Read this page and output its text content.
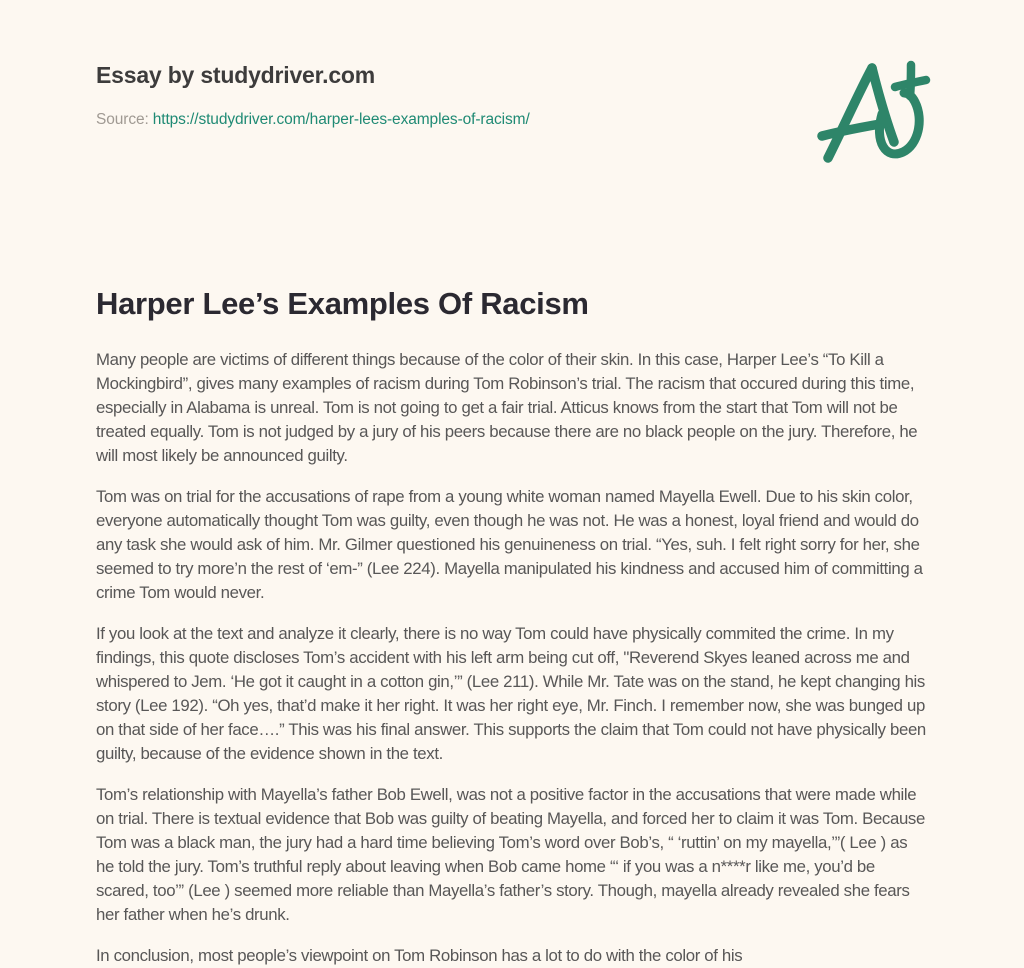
Essay by studydriver.com

Source: https://studydriver.com/harper-lees-examples-of-racism/

Harper Lee’s Examples Of Racism

Many people are victims of different things because of the color of their skin. In this case, Harper Lee’s “To Kill a Mockingbird”, gives many examples of racism during Tom Robinson’s trial. The racism that occured during this time, especially in Alabama is unreal. Tom is not going to get a fair trial. Atticus knows from the start that Tom will not be treated equally. Tom is not judged by a jury of his peers because there are no black people on the jury. Therefore, he will most likely be announced guilty.

Tom was on trial for the accusations of rape from a young white woman named Mayella Ewell. Due to his skin color, everyone automatically thought Tom was guilty, even though he was not. He was a honest, loyal friend and would do any task she would ask of him. Mr. Gilmer questioned his genuineness on trial. “Yes, suh. I felt right sorry for her, she seemed to try more’n the rest of ‘em-” (Lee 224). Mayella manipulated his kindness and accused him of committing a crime Tom would never.

If you look at the text and analyze it clearly, there is no way Tom could have physically commited the crime. In my findings, this quote discloses Tom’s accident with his left arm being cut off, "Reverend Skyes leaned across me and whispered to Jem. ‘He got it caught in a cotton gin,’” (Lee 211). While Mr. Tate was on the stand, he kept changing his story (Lee 192). “Oh yes, that’d make it her right. It was her right eye, Mr. Finch. I remember now, she was bunged up on that side of her face….” This was his final answer. This supports the claim that Tom could not have physically been guilty, because of the evidence shown in the text.

Tom’s relationship with Mayella’s father Bob Ewell, was not a positive factor in the accusations that were made while on trial. There is textual evidence that Bob was guilty of beating Mayella, and forced her to claim it was Tom. Because Tom was a black man, the jury had a hard time believing Tom’s word over Bob’s, “ ‘ruttin’ on my mayella,’”( Lee ) as he told the jury. Tom’s truthful reply about leaving when Bob came home “‘ if you was a n****r like me, you’d be scared, too’” (Lee ) seemed more reliable than Mayella’s father’s story. Though, mayella already revealed she fears her father when he’s drunk.

In conclusion, most people’s viewpoint on Tom Robinson has a lot to do with the color of his
